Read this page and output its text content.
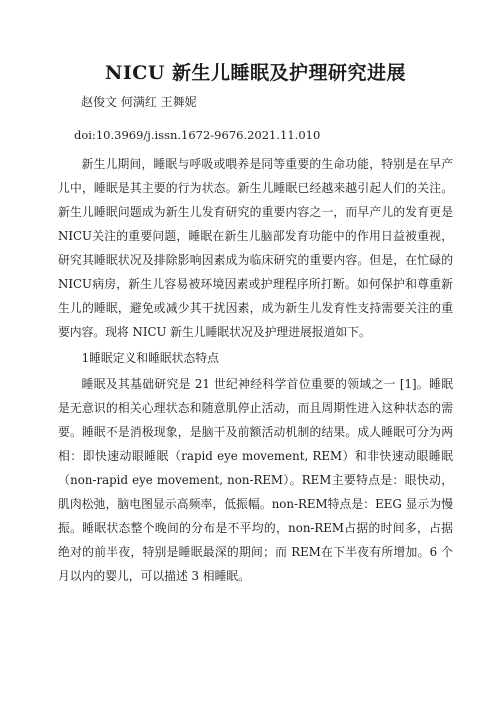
NICU 新生儿睡眠及护理研究进展
赵俊文 何满红 王舞妮
doi:10.3969/j.issn.1672-9676.2021.11.010

新生儿期间，睡眠与呼吸或喂养是同等重要的生命功能，特别是在早产儿中，睡眠是其主要的行为状态。新生儿睡眠已经越来越引起人们的关注。新生儿睡眠问题成为新生儿发育研究的重要内容之一，而早产儿的发育更是NICU关注的重要问题，睡眠在新生儿脑部发育功能中的作用日益被重视，研究其睡眠状况及排除影响因素成为临床研究的重要内容。但是，在忙碌的NICU病房，新生儿容易被环境因素或护理程序所打断。如何保护和尊重新生儿的睡眠，避免或减少其干扰因素，成为新生儿发育性支持需要关注的重要内容。现将 NICU 新生儿睡眠状况及护理进展报道如下。

1睡眠定义和睡眠状态特点

睡眠及其基础研究是 21 世纪神经科学首位重要的领域之一 [1]。睡眠是无意识的相关心理状态和随意肌停止活动，而且周期性进入这种状态的需要。睡眠不是消极现象，是脑干及前额活动机制的结果。成人睡眠可分为两相：即快速动眼睡眠（rapid eye movement, REM）和非快速动眼睡眠（non-rapid eye movement, non-REM）。REM主要特点是：眼快动，肌肉松弛，脑电图显示高频率，低振幅。non-REM特点是：EEG 显示为慢振。睡眠状态整个晚间的分布是不平均的，non-REM占据的时间多，占据绝对的前半夜，特别是睡眠最深的期间；而 REM在下半夜有所增加。6 个月以内的婴儿，可以描述 3 相睡眠。
